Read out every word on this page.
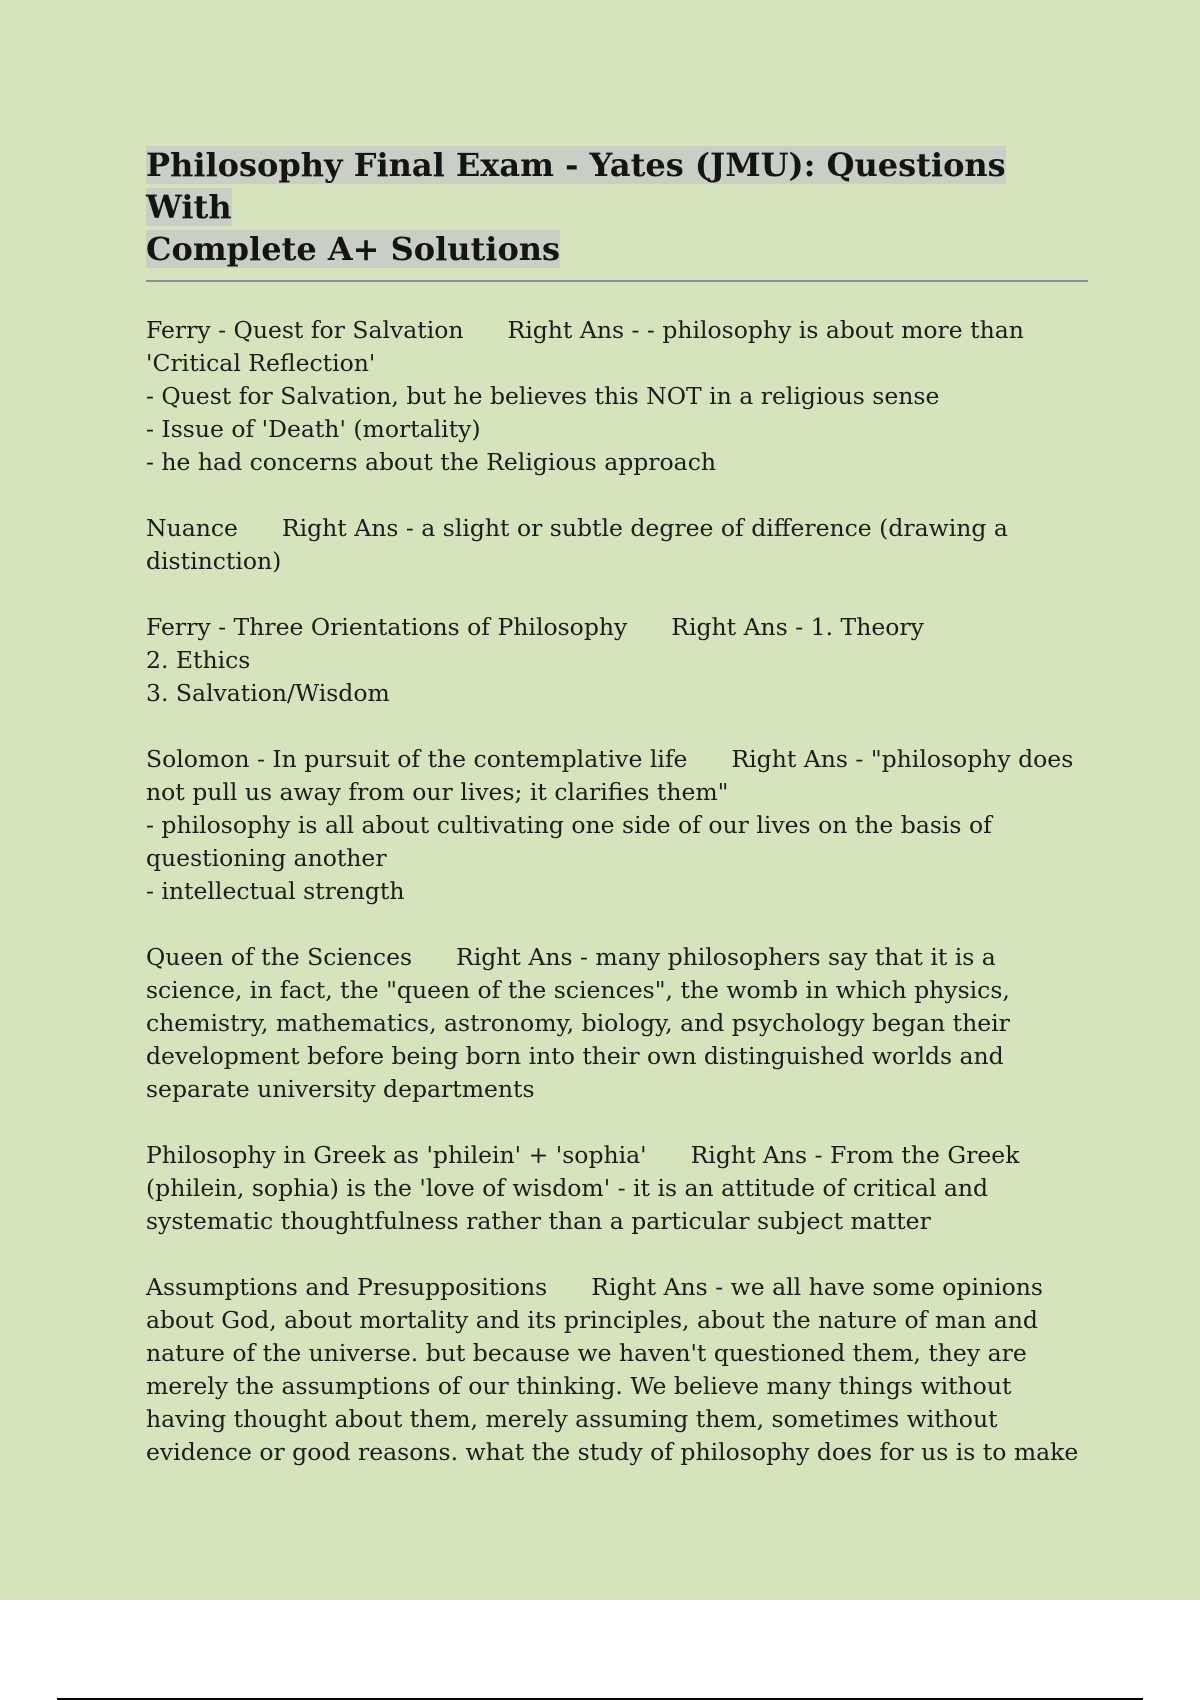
Philosophy Final Exam - Yates (JMU): Questions With
Complete A+ Solutions
Ferry - Quest for Salvation Right Ans - - philosophy is about more than
'Critical Reflection'
- Quest for Salvation, but he believes this NOT in a religious sense
- Issue of 'Death' (mortality)
- he had concerns about the Religious approach
Nuance Right Ans - a slight or subtle degree of difference (drawing a
distinction)
Ferry - Three Orientations of Philosophy Right Ans - 1. Theory
2. Ethics
3. Salvation/Wisdom
Solomon - In pursuit of the contemplative life Right Ans - "philosophy does
not pull us away from our lives; it clarifies them"
- philosophy is all about cultivating one side of our lives on the basis of
questioning another
- intellectual strength
Queen of the Sciences Right Ans - many philosophers say that it is a
science, in fact, the "queen of the sciences", the womb in which physics,
chemistry, mathematics, astronomy, biology, and psychology began their
development before being born into their own distinguished worlds and
separate university departments
Philosophy in Greek as 'philein' + 'sophia' Right Ans - From the Greek
(philein, sophia) is the 'love of wisdom' - it is an attitude of critical and
systematic thoughtfulness rather than a particular subject matter
Assumptions and Presuppositions Right Ans - we all have some opinions
about God, about mortality and its principles, about the nature of man and
nature of the universe. but because we haven't questioned them, they are
merely the assumptions of our thinking. We believe many things without
having thought about them, merely assuming them, sometimes without
evidence or good reasons. what the study of philosophy does for us is to make
